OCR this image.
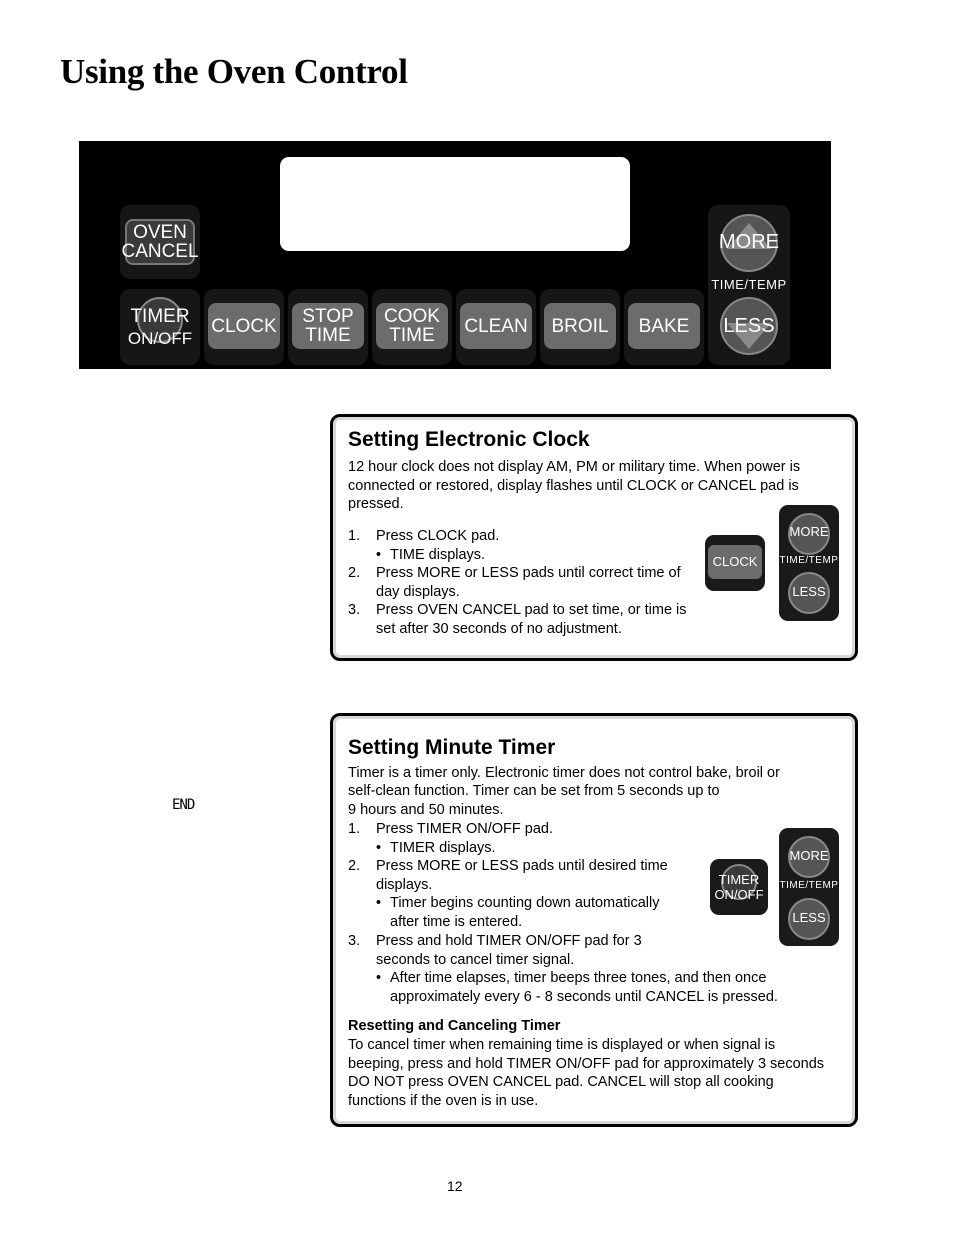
Using the Oven Control
OVEN
CANCEL
TIMER
ON/OFF
CLOCK STOP
TIME
COOK
TIME CLEAN BROIL BAKE
MORE
TIME/TEMP
LESS
Setting Electronic Clock

12 hour clock does not display AM, PM or military time. When power is connected or restored, display flashes until CLOCK or CANCEL pad is pressed.

1. Press CLOCK pad.
• TIME displays.
2. Press MORE or LESS pads until correct time of day displays.
3. Press OVEN CANCEL pad to set time, or time is set after 30 seconds of no adjustment.
CLOCK
MORE
TIME/TEMP
LESS
END
Setting Minute Timer

Timer is a timer only. Electronic timer does not control bake, broil or

self-clean function. Timer can be set from 5 seconds up to

9 hours and 50 minutes.

1. Press TIMER ON/OFF pad.
• TIMER displays.
2. Press MORE or LESS pads until desired time displays.
• Timer begins counting down automatically after time is entered.
3. Press and hold TIMER ON/OFF pad for 3 seconds to cancel timer signal.
• After time elapses, timer beeps three tones, and then once approximately every 6 - 8 seconds until CANCEL is pressed.

Resetting and Canceling Timer

To cancel timer when remaining time is displayed or when signal is beeping, press and hold TIMER ON/OFF pad for approximately 3 seconds DO NOT press OVEN CANCEL pad. CANCEL will stop all cooking functions if the oven is in use.

TIMER
ON/OFF
MORE
TIME/TEMP
LESS
12
